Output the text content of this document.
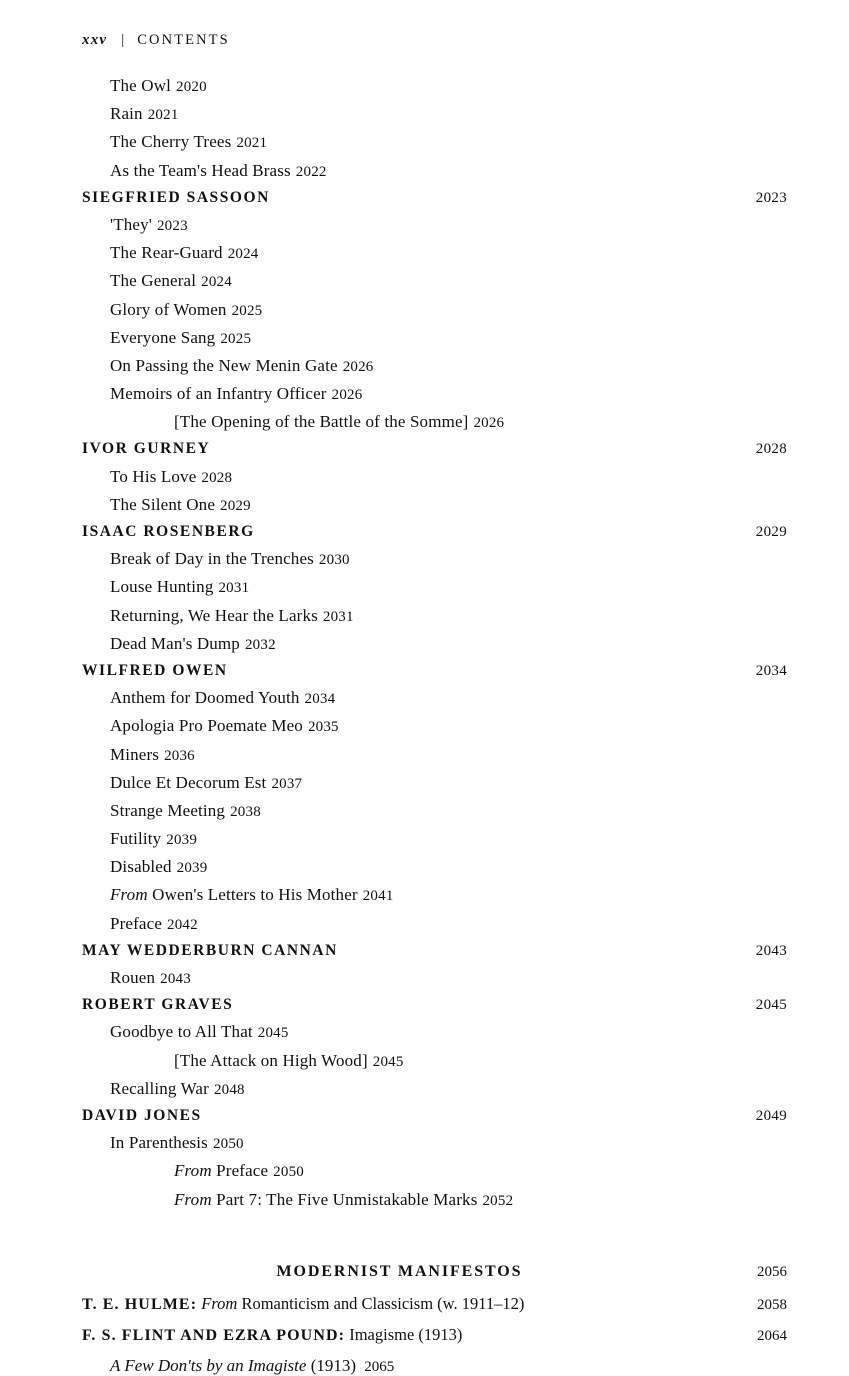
xxv | CONTENTS
The Owl 2020
Rain 2021
The Cherry Trees 2021
As the Team's Head Brass 2022
SIEGFRIED SASSOON	2023
'They' 2023
The Rear-Guard 2024
The General 2024
Glory of Women 2025
Everyone Sang 2025
On Passing the New Menin Gate 2026
Memoirs of an Infantry Officer 2026
[The Opening of the Battle of the Somme] 2026
IVOR GURNEY	2028
To His Love 2028
The Silent One 2029
ISAAC ROSENBERG	2029
Break of Day in the Trenches 2030
Louse Hunting 2031
Returning, We Hear the Larks 2031
Dead Man's Dump 2032
WILFRED OWEN	2034
Anthem for Doomed Youth 2034
Apologia Pro Poemate Meo 2035
Miners 2036
Dulce Et Decorum Est 2037
Strange Meeting 2038
Futility 2039
Disabled 2039
From Owen's Letters to His Mother 2041
Preface 2042
MAY WEDDERBURN CANNAN	2043
Rouen 2043
ROBERT GRAVES	2045
Goodbye to All That 2045
[The Attack on High Wood] 2045
Recalling War 2048
DAVID JONES	2049
In Parenthesis 2050
From Preface 2050
From Part 7: The Five Unmistakable Marks 2052
MODERNIST MANIFESTOS	2056
T. E. HULME: From Romanticism and Classicism (w. 1911–12)	2058
F. S. FLINT AND EZRA POUND: Imagisme (1913)	2064
A Few Don'ts by an Imagiste (1913) 2065
